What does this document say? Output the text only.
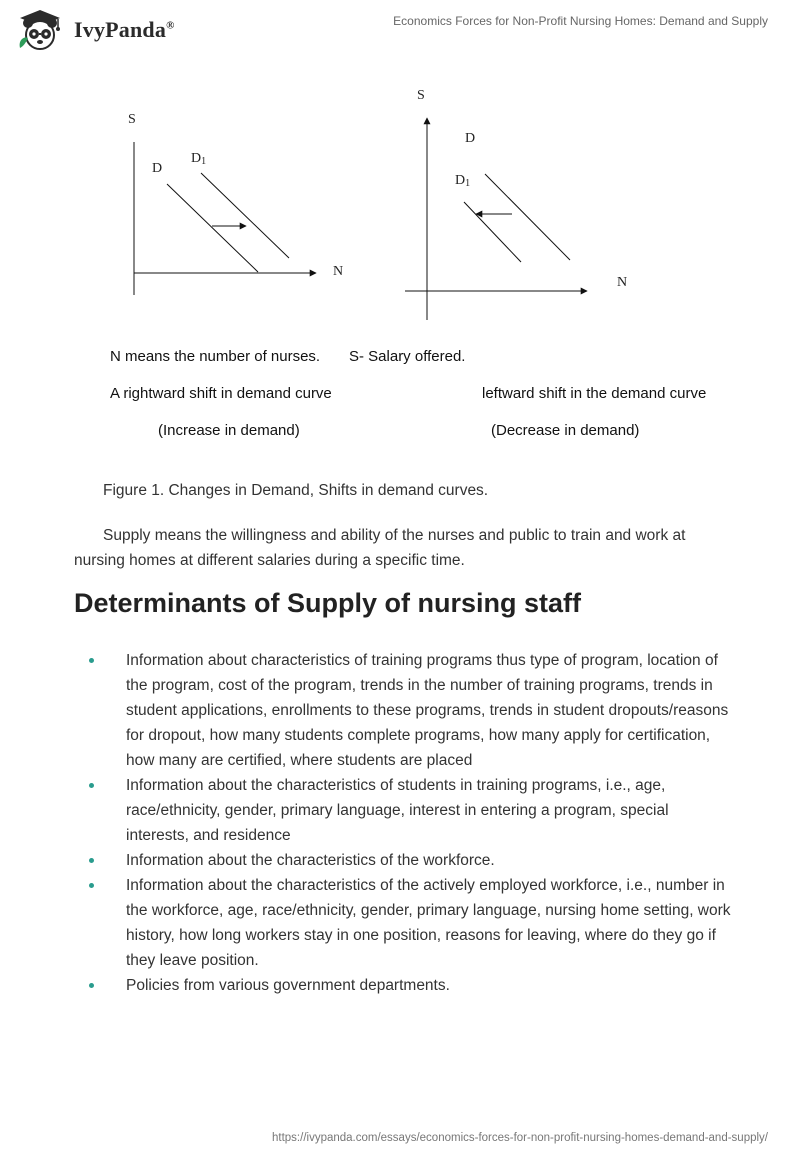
IvyPanda®	Economics Forces for Non-Profit Nursing Homes: Demand and Supply
S
N
D
D1
S
N
D
D1
N means the number of nurses. S- Salary offered.
A rightward shift in demand curve	leftward shift in the demand curve
(Increase in demand)	(Decrease in demand)
Figure 1. Changes in Demand, Shifts in demand curves.

Supply means the willingness and ability of the nurses and public to train and work at nursing homes at different salaries during a specific time.

Determinants of Supply of nursing staff
Information about characteristics of training programs thus type of program, location of the program, cost of the program, trends in the number of training programs, trends in student applications, enrollments to these programs, trends in student dropouts/reasons for dropout, how many students complete programs, how many apply for certification, how many are certified, where students are placed
Information about the characteristics of students in training programs, i.e., age, race/ethnicity, gender, primary language, interest in entering a program, special interests, and residence
Information about the characteristics of the workforce.
Information about the characteristics of the actively employed workforce, i.e., number in the workforce, age, race/ethnicity, gender, primary language, nursing home setting, work history, how long workers stay in one position, reasons for leaving, where do they go if they leave position.
Policies from various government departments.
https://ivypanda.com/essays/economics-forces-for-non-profit-nursing-homes-demand-and-supply/
